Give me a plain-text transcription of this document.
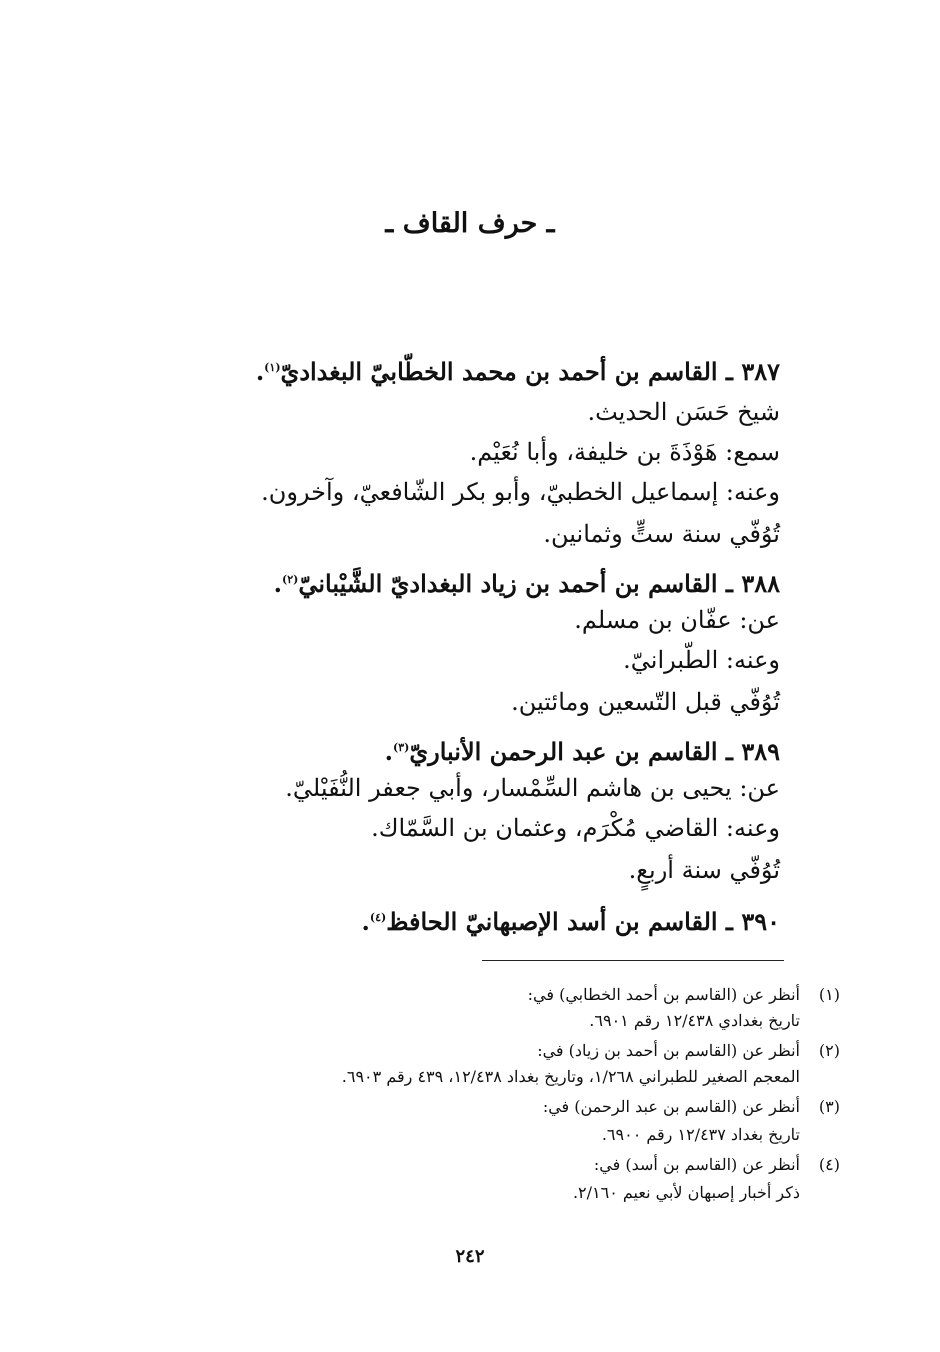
ـ حرف القاف ـ
٣٨٧ ـ القاسم بن أحمد بن محمد الخطّابيّ البغداديّ$^{(١)}$.
شيخ حَسَن الحديث.
سمع: هَوْذَةَ بن خليفة، وأبا نُعَيْم.
وعنه: إسماعيل الخطبيّ، وأبو بكر الشّافعيّ، وآخرون.
تُوُفّي سنة ستٍّ وثمانين.
٣٨٨ ـ القاسم بن أحمد بن زياد البغداديّ الشَّيْبانيّ$^{(٢)}$.
عن: عفّان بن مسلم.
وعنه: الطّبرانيّ.
تُوُفّي قبل التّسعين ومائتين.
٣٨٩ ـ القاسم بن عبد الرحمن الأنباريّ$^{(٣)}$.
عن: يحيى بن هاشم السِّمْسار، وأبي جعفر النُّفَيْليّ.
وعنه: القاضي مُكْرَم، وعثمان بن السَّمّاك.
تُوُفّي سنة أربعٍ.
٣٩٠ ـ القاسم بن أسد الإصبهانيّ الحافظ$^{(٤)}$.
(١)
أنظر عن (القاسم بن أحمد الخطابي) في:
تاريخ بغدادي ١٢/٤٣٨ رقم ٦٩٠١.
(٢)
أنظر عن (القاسم بن أحمد بن زياد) في:
المعجم الصغير للطبراني ١/٢٦٨، وتاريخ بغداد ١٢/٤٣٨، ٤٣٩ رقم ٦٩٠٣.
(٣)
أنظر عن (القاسم بن عبد الرحمن) في:
تاريخ بغداد ١٢/٤٣٧ رقم ٦٩٠٠.
(٤)
أنظر عن (القاسم بن أسد) في:
ذكر أخبار إصبهان لأبي نعيم ٢/١٦٠.
٢٤٢
